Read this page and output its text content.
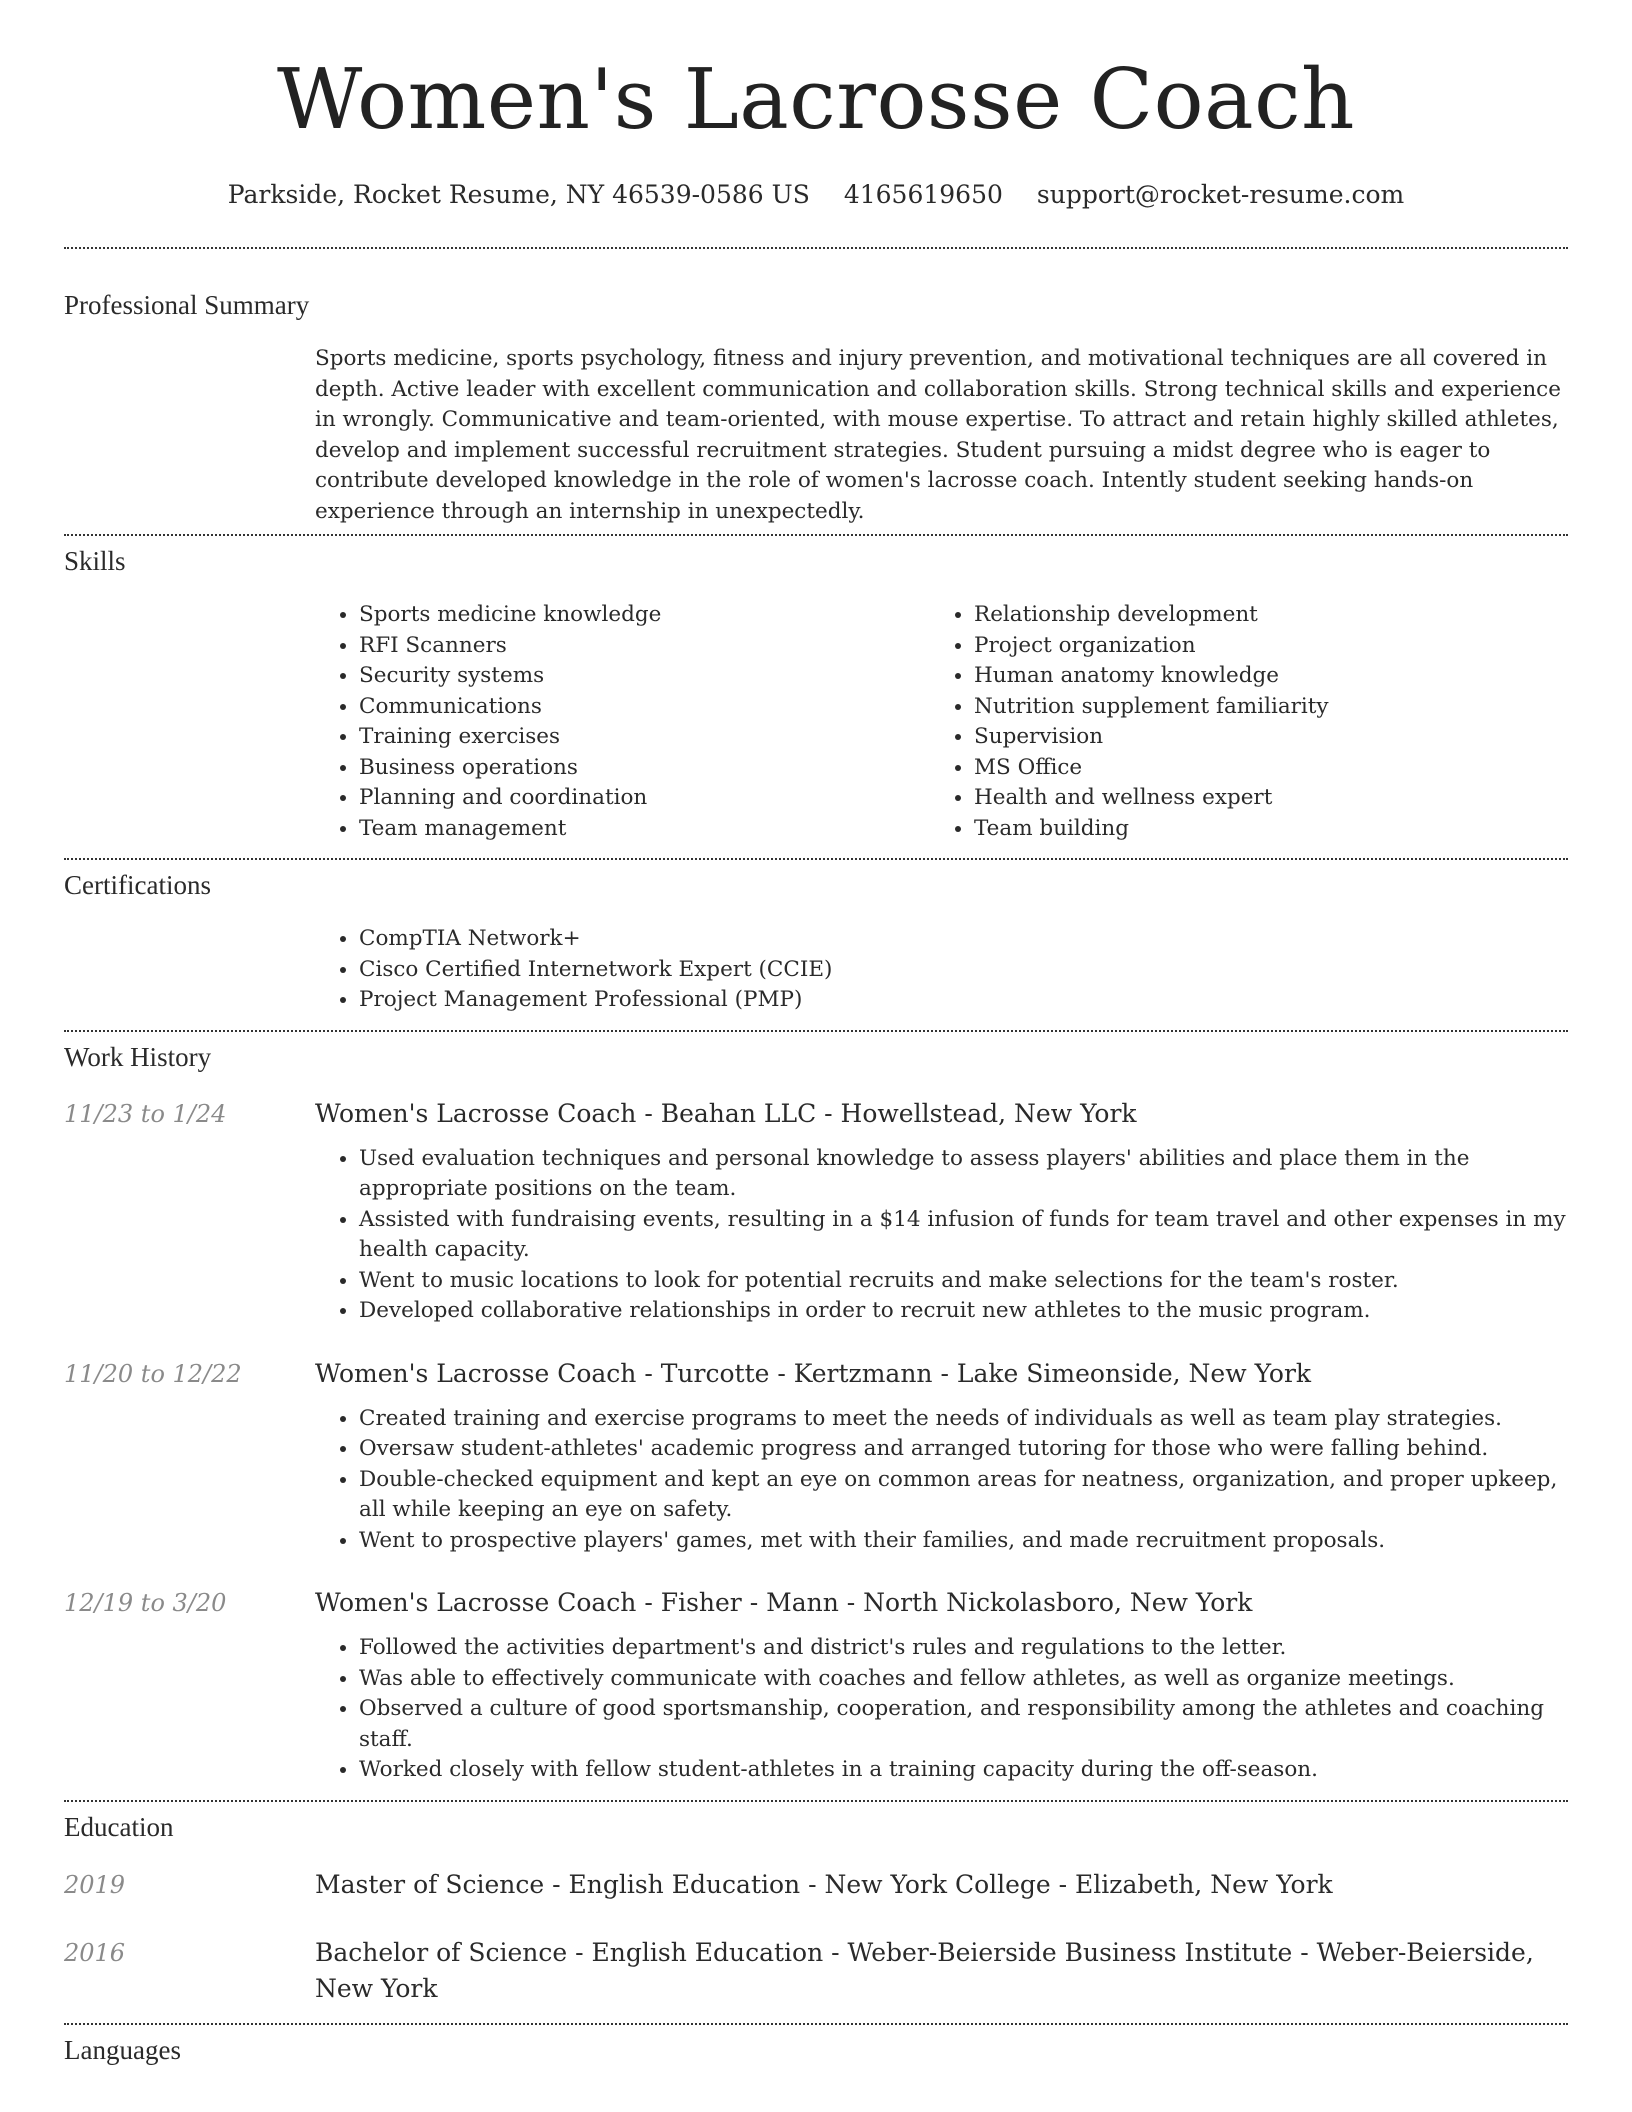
Women's Lacrosse Coach
Parkside, Rocket Resume, NY 46539-0586 US 4165619650 support@rocket-resume.com
Professional Summary
Sports medicine, sports psychology, fitness and injury prevention, and motivational techniques are all covered in depth. Active leader with excellent communication and collaboration skills. Strong technical skills and experience in wrongly. Communicative and team-oriented, with mouse expertise. To attract and retain highly skilled athletes, develop and implement successful recruitment strategies. Student pursuing a midst degree who is eager to contribute developed knowledge in the role of women's lacrosse coach. Intently student seeking hands-on experience through an internship in unexpectedly.
Skills
• Sports medicine knowledge
• RFI Scanners
• Security systems
• Communications
• Training exercises
• Business operations
• Planning and coordination
• Team management
• Relationship development
• Project organization
• Human anatomy knowledge
• Nutrition supplement familiarity
• Supervision
• MS Office
• Health and wellness expert
• Team building
Certifications
• CompTIA Network+
• Cisco Certified Internetwork Expert (CCIE)
• Project Management Professional (PMP)
Work History
11/23 to 1/24	Women's Lacrosse Coach - Beahan LLC - Howellstead, New York
• Used evaluation techniques and personal knowledge to assess players' abilities and place them in the appropriate positions on the team.
• Assisted with fundraising events, resulting in a $14 infusion of funds for team travel and other expenses in my health capacity.
• Went to music locations to look for potential recruits and make selections for the team's roster.
• Developed collaborative relationships in order to recruit new athletes to the music program.
11/20 to 12/22	Women's Lacrosse Coach - Turcotte - Kertzmann - Lake Simeonside, New York
• Created training and exercise programs to meet the needs of individuals as well as team play strategies.
• Oversaw student-athletes' academic progress and arranged tutoring for those who were falling behind.
• Double-checked equipment and kept an eye on common areas for neatness, organization, and proper upkeep, all while keeping an eye on safety.
• Went to prospective players' games, met with their families, and made recruitment proposals.
12/19 to 3/20	Women's Lacrosse Coach - Fisher - Mann - North Nickolasboro, New York
• Followed the activities department's and district's rules and regulations to the letter.
• Was able to effectively communicate with coaches and fellow athletes, as well as organize meetings.
• Observed a culture of good sportsmanship, cooperation, and responsibility among the athletes and coaching staff.
• Worked closely with fellow student-athletes in a training capacity during the off-season.
Education
2019	Master of Science - English Education - New York College - Elizabeth, New York
2016	Bachelor of Science - English Education - Weber-Beierside Business Institute - Weber-Beierside, New York
Languages
